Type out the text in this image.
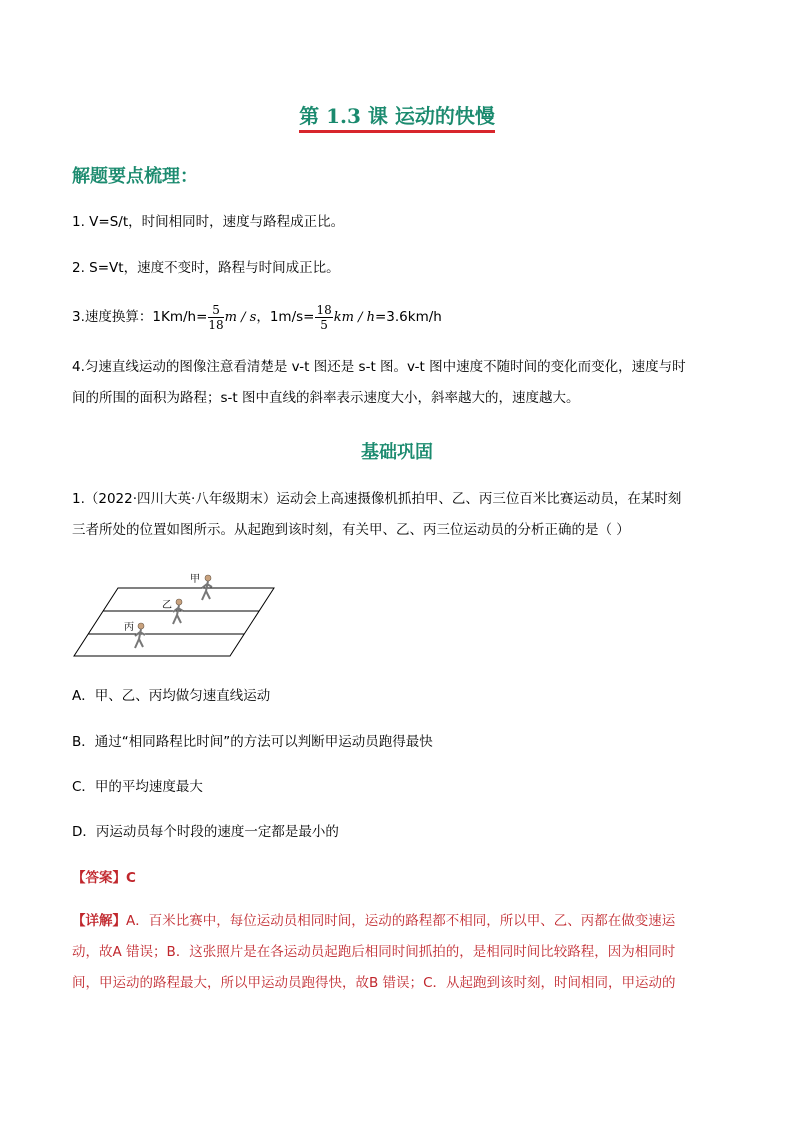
第 1.3 课 运动的快慢
解题要点梳理：
1. V=S/t，时间相同时，速度与路程成正比。
2. S=Vt，速度不变时，路程与时间成正比。
3.速度换算：$1Km/h= \frac{5}{18}$ m / s，$1m/s= \frac{18}{5}$ km / h=3.6km/h
4.匀速直线运动的图像注意看清楚是 v-t 图还是 s-t 图。v-t 图中速度不随时间的变化而变化，速度与时
间的所围的面积为路程；s-t 图中直线的斜率表示速度大小，斜率越大的，速度越大。
基础巩固
1.（2022·四川大英·八年级期末）运动会上高速摄像机抓拍甲、乙、丙三位百米比赛运动员，在某时刻
三者所处的位置如图所示。从起跑到该时刻，有关甲、乙、丙三位运动员的分析正确的是（ ）
甲
乙
丙
A．甲、乙、丙均做匀速直线运动
B．通过“相同路程比时间”的方法可以判断甲运动员跑得最快
C．甲的平均速度最大
D．丙运动员每个时段的速度一定都是最小的
【答案】C
【详解】A．百米比赛中，每位运动员相同时间，运动的路程都不相同，所以甲、乙、丙都在做变速运
动，故A 错误；B．这张照片是在各运动员起跑后相同时间抓拍的，是相同时间比较路程，因为相同时
间，甲运动的路程最大，所以甲运动员跑得快，故B 错误；C．从起跑到该时刻，时间相同，甲运动的
